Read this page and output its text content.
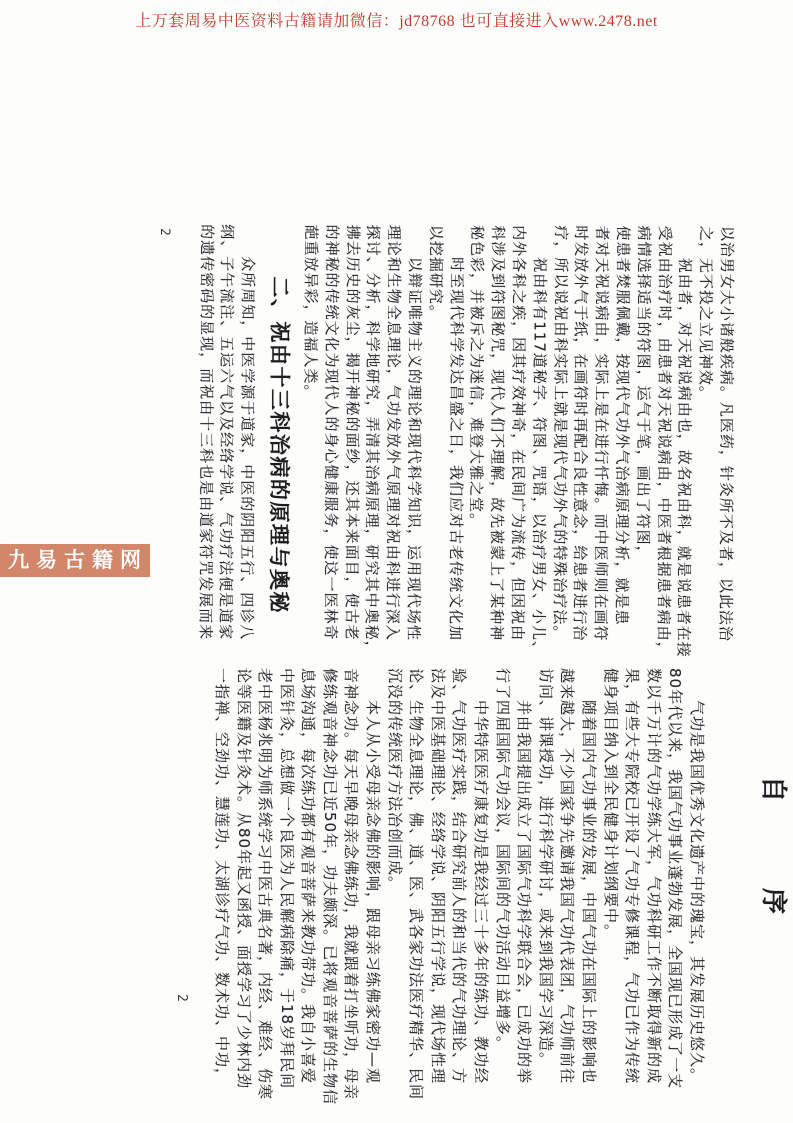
上万套周易中医资料古籍请加微信：jd78768 也可直接进入www.2478.net
九易古籍网	以治男女大小诸般疾病。凡医药，针灸所不及者，以此法治
之，无不投之立见神效。
　　祝由者，对天祝说病由也，故名祝由科，就是说患者在接
受祝由治疗时，由患者对天祝说病由，中医者根据患者病由，
病情选择适当的符图，运气于笔，画出了符图，
使患者焚服佩戴，按现代气功外气治病原理分析，就是患
者对天祝说病由，实际上是在进行忏悔。而中医师则在画符
时发放外气于纸，在画符时再配合良性意念，给患者进行治
疗，所以说祝由科实际上就是现代气功外气的特殊治疗法。
　　祝由科有117道秘字、符图、咒语，以治疗男女、小儿、
内外各科之疾，因其疗效神奇，在民间广为流传，但因祝由
科涉及到符图秘咒，现代人们不理解，故先被蒙上了某种神
秘色彩，并被斥之为迷信，难登大雅之堂。
　　时至现代科学发达昌盛之日，我们应对古老传统文化加
以挖掘研究。
　　以辩证唯物主义的理论和现代科学知识，运用现代场性
理论和生物全息理论，气功发放外气原理对祝由科进行深入
探讨、分析，科学地研究，弄清其治病原理，研究其中奥秘，
拂去历史的灰尘，揭开神秘的面纱，还其本来面目，使古老
的神秘的传统文化为现代人的身心健康服务，使这一医林奇
葩重放异彩，造福人类。
二、祝由十三科治病的原理与奥秘
　　众所周知，中医学源于道家，中医的阴阳五行、四诊八
纲、子午流注、五运六气以及经络学说、气功疗法便是道家
的遗传密码的显现，而祝由十三科也是由道家符咒发展而来
2
自　　　序
　　气功是我国优秀文化遗产中的瑰宝，其发展历史悠久。
80年代以来，我国气功事业蓬勃发展，全国现已形成了一支
数以千万计的气功学练大军，气功科研工作不断取得新的成
果，有些大专院校已开设了气功专修课程，气功已作为传统
健身项目纳入到全民健身计划纲要中。
　　随着国内气功事业的发展，中国气功在国际上的影响也
越来越大，不少国家争先邀请我国气功代表团，气功师前往
访问、讲课授功，进行科学研讨，或来到我国学习深造。
　　并由我国提出成立了国际气功科学联合会，已成功的举
行了四届国际气功会议，国际间的气功活动日益增多。
　　中华特医医疗康复功是我经过三十多年的练功、教功经
验、气功医疗实践，结合研究前人的和当代的气功理论、方
法及中医基础理论、经络学说、阴阳五行学说，现代场性理
论、生物全息理论，佛、道、医、武各家功法医疗精华、民间
沉没的传统医疗方法冶创而成。
　　本人从小受母亲念佛的影响，跟母亲习练佛家密功—观
音神念功。每天早晚母亲念佛练功，我就跟着打坐听功，母亲
修练观音神念功已近50年，功夫颇深。已将观音菩萨的生物信
息场沟通，每次练功都有观音菩萨来教功带功。我自小喜爱
中医针灸，总想做一个良医为人民解病除痛，于18岁拜民间
老中医杨兆明为师系统学习中医古典名著，内经、难经、伤寒
论等医籍及针灸术。从80年起又函授、面授学习了少林内劲
一指禅、空劲功、慧莲功、太湖诊疗气功、数术功、中功，
2
